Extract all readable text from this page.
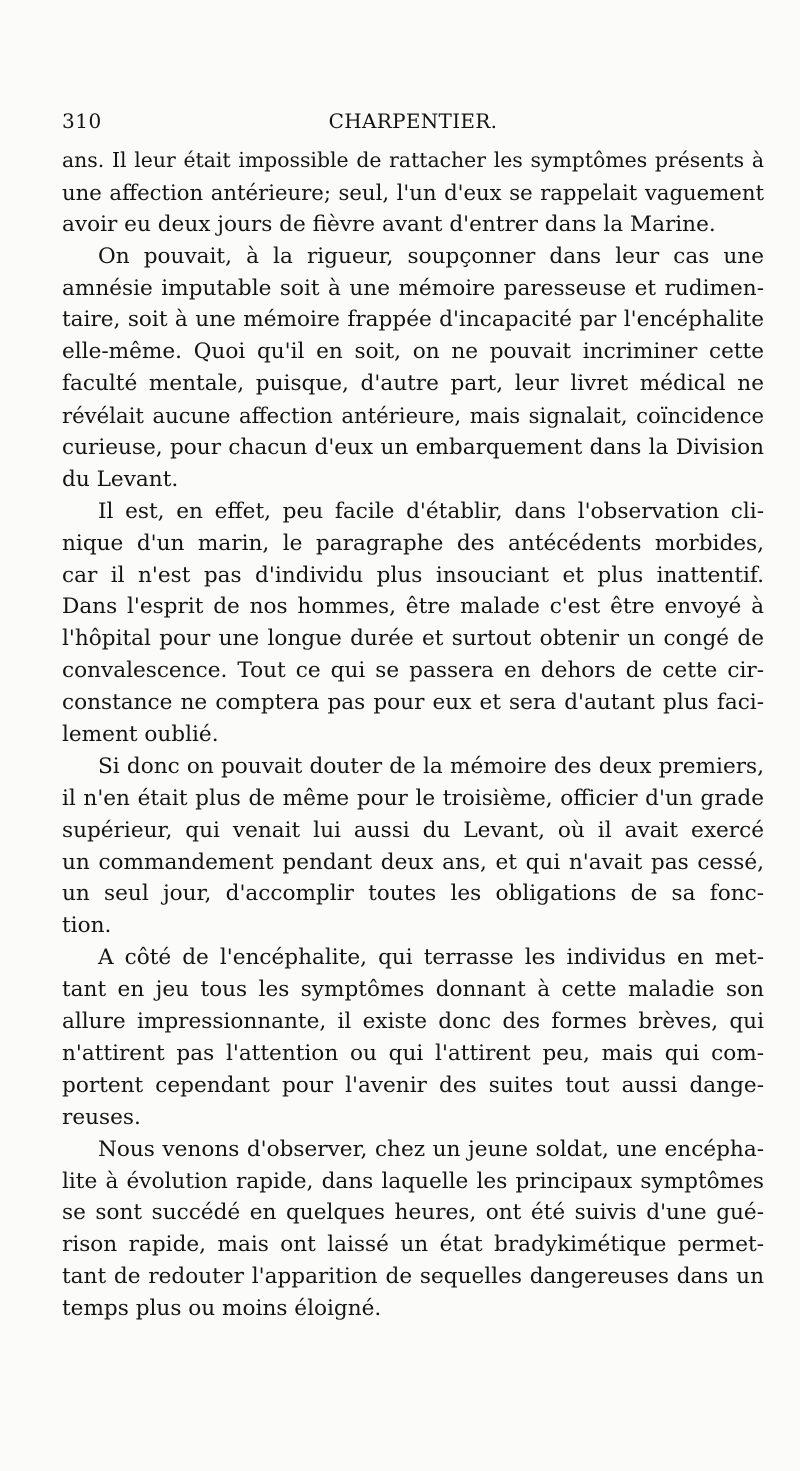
310	CHARPENTIER.
ans. Il leur était impossible de rattacher les symptômes présents à
une affection antérieure; seul, l'un d'eux se rappelait vaguement
avoir eu deux jours de fièvre avant d'entrer dans la Marine.
On pouvait, à la rigueur, soupçonner dans leur cas une
amnésie imputable soit à une mémoire paresseuse et rudimen-
taire, soit à une mémoire frappée d'incapacité par l'encéphalite
elle-même. Quoi qu'il en soit, on ne pouvait incriminer cette
faculté mentale, puisque, d'autre part, leur livret médical ne
révélait aucune affection antérieure, mais signalait, coïncidence
curieuse, pour chacun d'eux un embarquement dans la Division
du Levant.
Il est, en effet, peu facile d'établir, dans l'observation cli-
nique d'un marin, le paragraphe des antécédents morbides,
car il n'est pas d'individu plus insouciant et plus inattentif.
Dans l'esprit de nos hommes, être malade c'est être envoyé à
l'hôpital pour une longue durée et surtout obtenir un congé de
convalescence. Tout ce qui se passera en dehors de cette cir-
constance ne comptera pas pour eux et sera d'autant plus faci-
lement oublié.
Si donc on pouvait douter de la mémoire des deux premiers,
il n'en était plus de même pour le troisième, officier d'un grade
supérieur, qui venait lui aussi du Levant, où il avait exercé
un commandement pendant deux ans, et qui n'avait pas cessé,
un seul jour, d'accomplir toutes les obligations de sa fonc-
tion.
A côté de l'encéphalite, qui terrasse les individus en met-
tant en jeu tous les symptômes donnant à cette maladie son
allure impressionnante, il existe donc des formes brèves, qui
n'attirent pas l'attention ou qui l'attirent peu, mais qui com-
portent cependant pour l'avenir des suites tout aussi dange-
reuses.
Nous venons d'observer, chez un jeune soldat, une encépha-
lite à évolution rapide, dans laquelle les principaux symptômes
se sont succédé en quelques heures, ont été suivis d'une gué-
rison rapide, mais ont laissé un état bradykimétique permet-
tant de redouter l'apparition de sequelles dangereuses dans un
temps plus ou moins éloigné.
